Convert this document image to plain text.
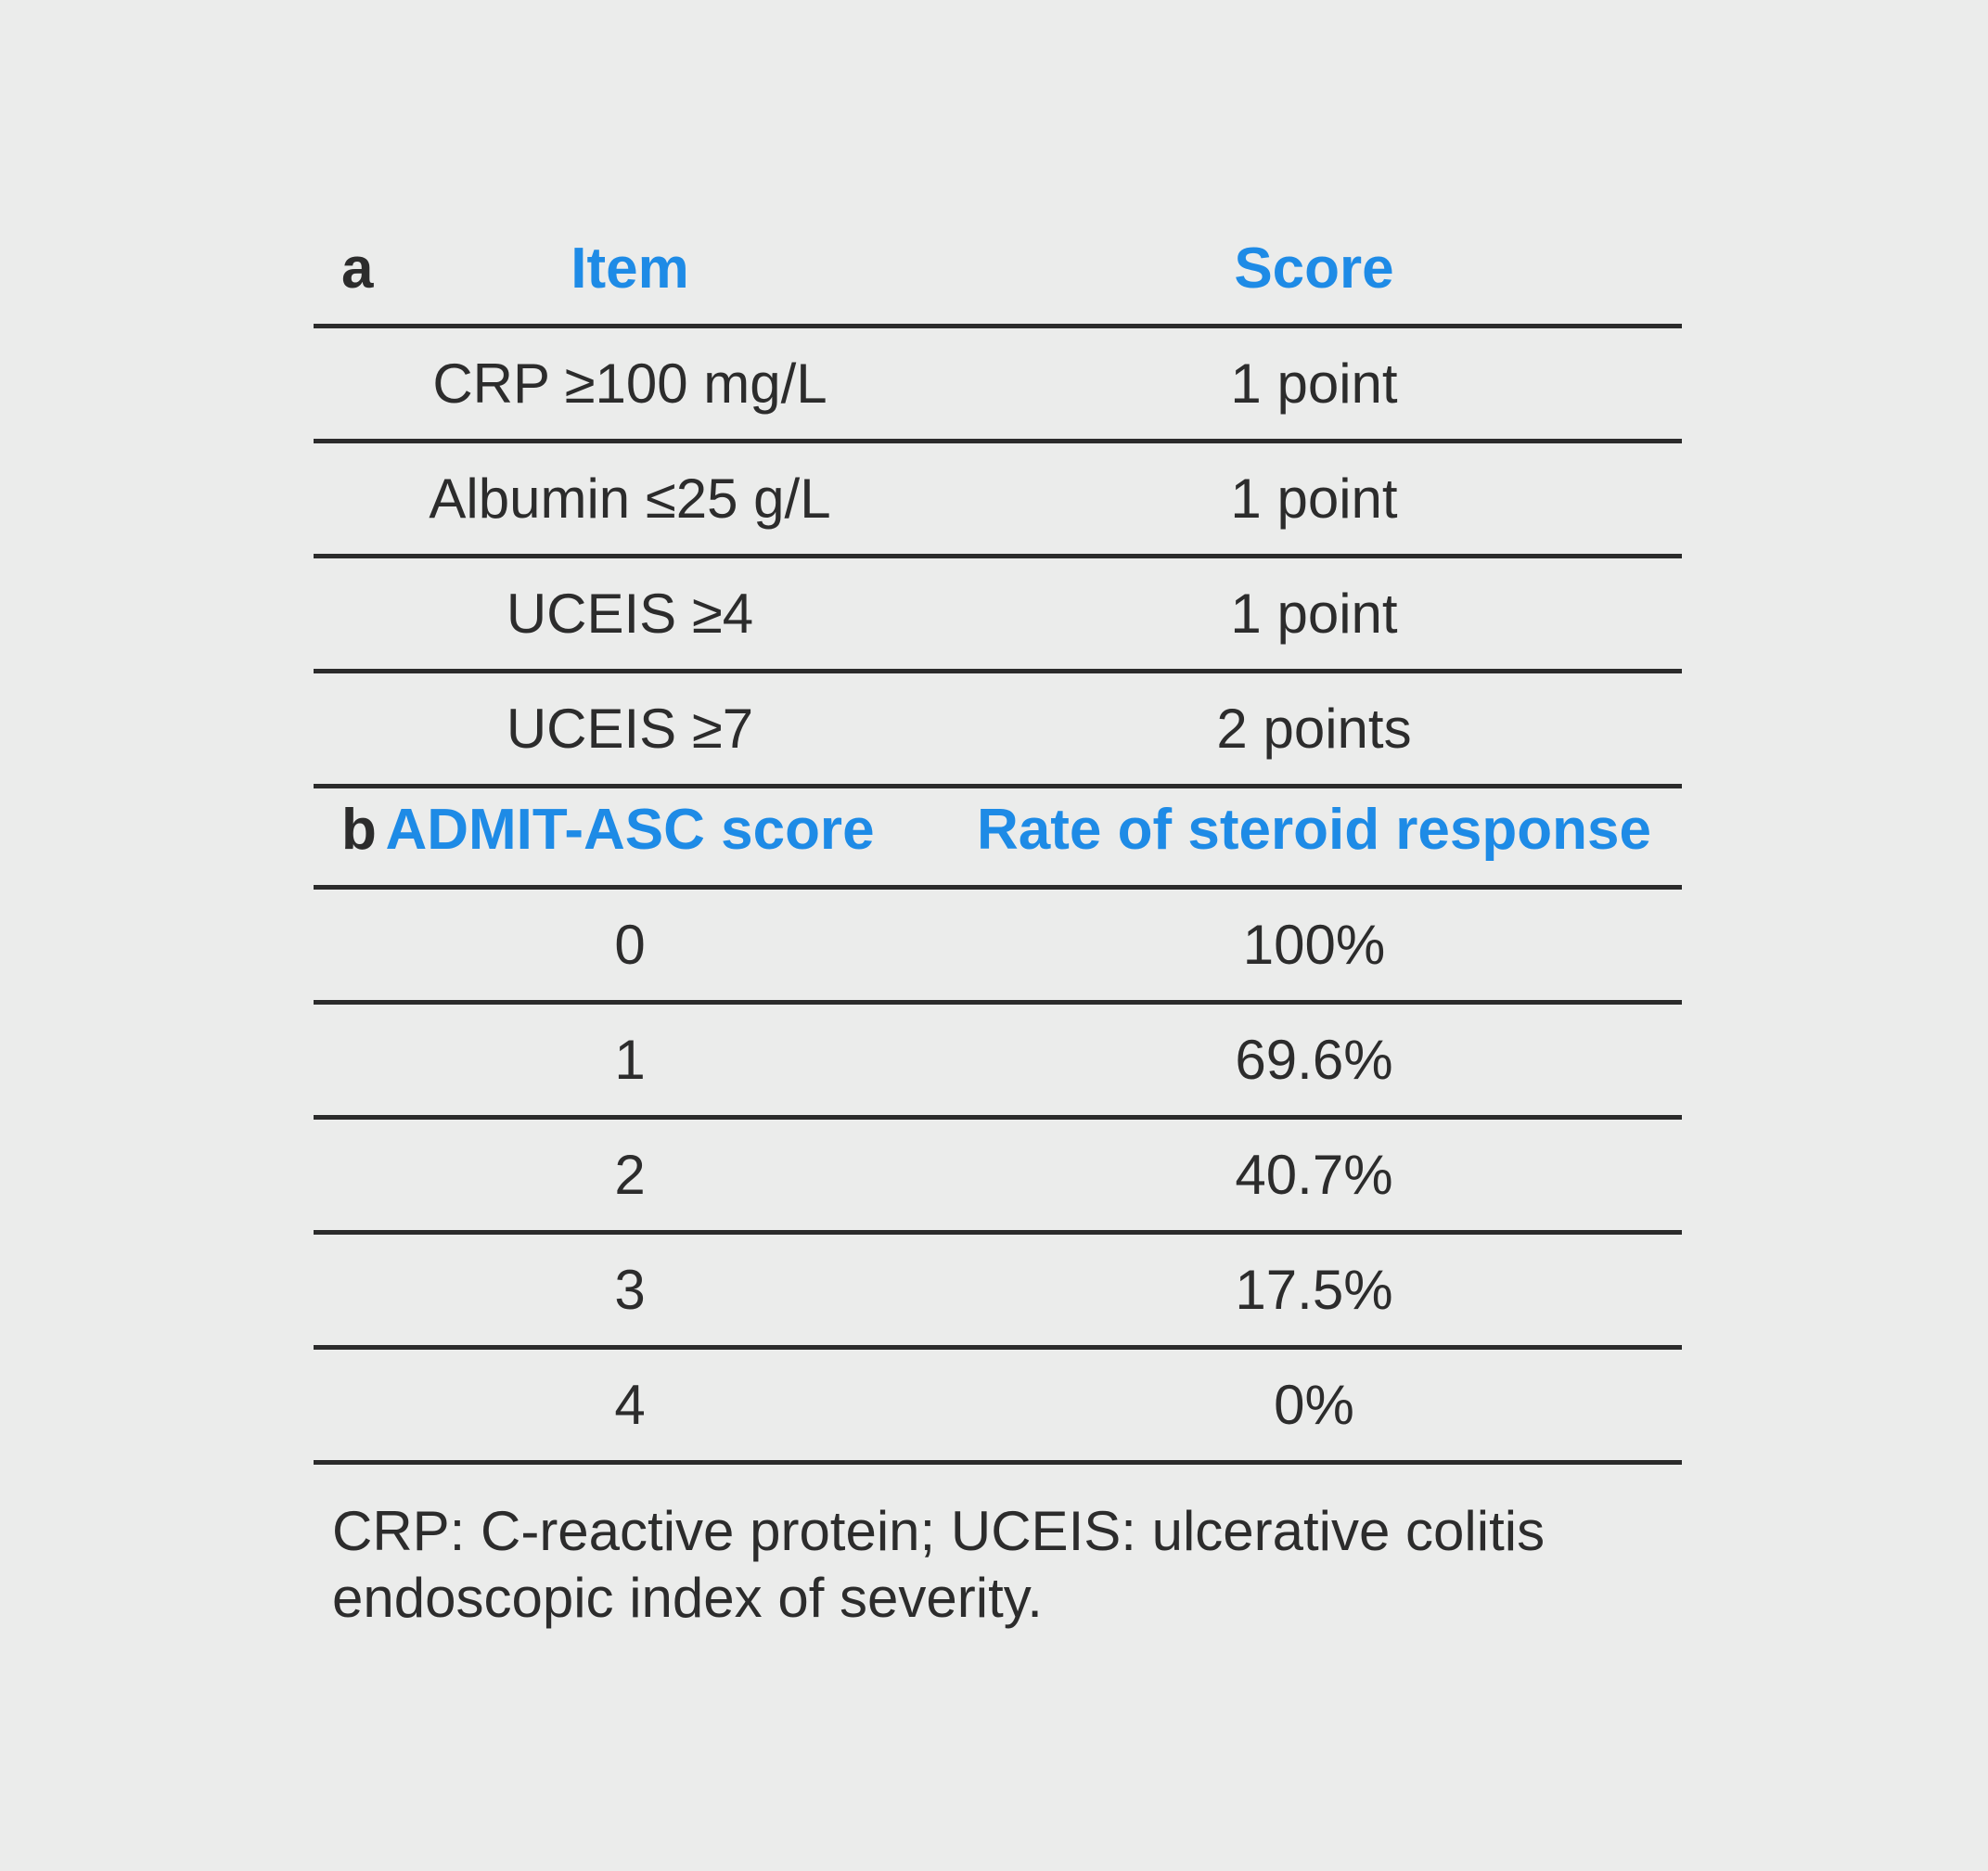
a	Item	Score
CRP ≥100 mg/L	1 point
Albumin ≤25 g/L	1 point
UCEIS ≥4	1 point
UCEIS ≥7	2 points
b ADMIT-ASC score	Rate of steroid response
0	100%
1	69.6%
2	40.7%
3	17.5%
4	0%
CRP: C-reactive protein; UCEIS: ulcerative colitis endoscopic index of severity.
